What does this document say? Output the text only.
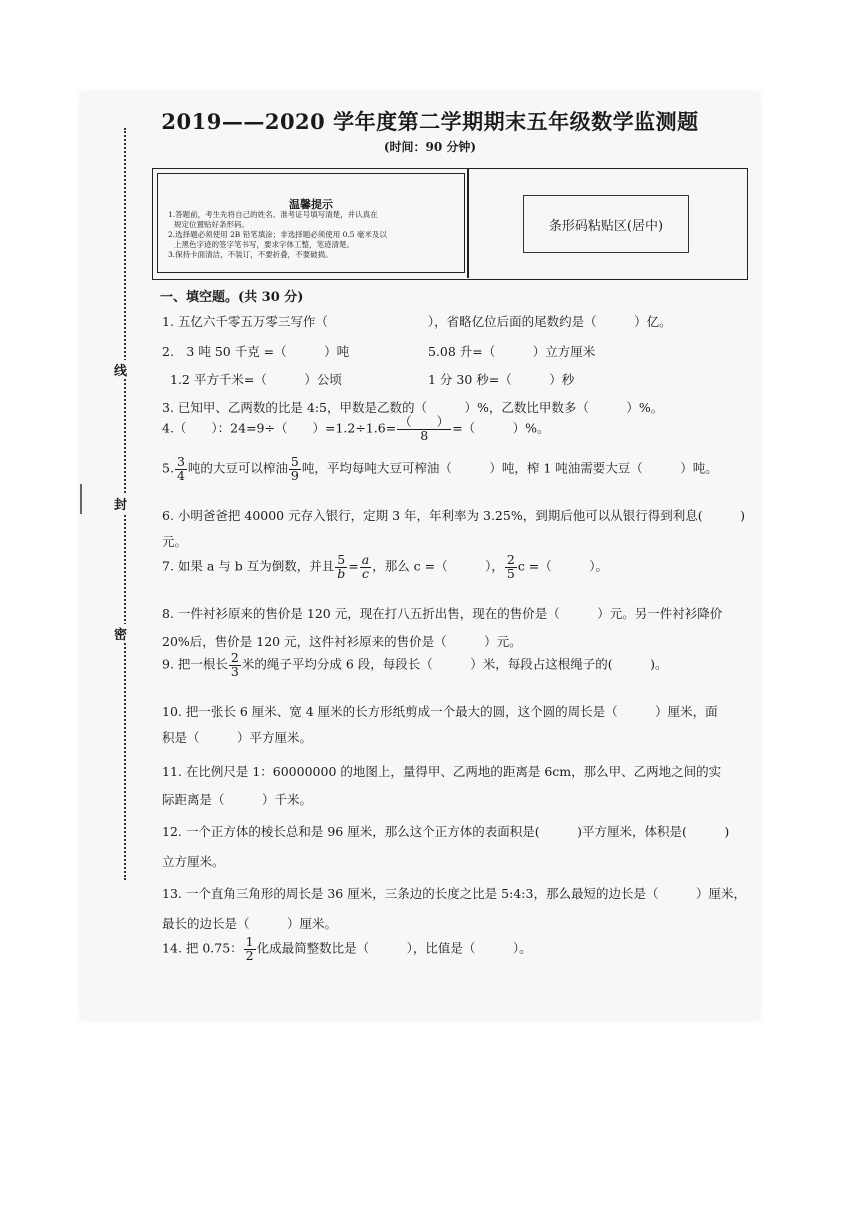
2019——2020 学年度第二学期期末五年级数学监测题
(时间：90 分钟)
温馨提示
1.答题前，考生先将自己的姓名、准考证号填写清楚，并认真在
规定位置贴好条形码。
2.选择题必须使用 2B 铅笔填涂；非选择题必须使用 0.5 毫米及以
上黑色字迹的签字笔书写，要求字体工整，笔迹清楚。
3.保持卡面清洁，不装订，不要折叠，不要破损。
条形码粘贴区(居中)
线
封
密
一、填空题。(共 30 分)
1. 五亿六千零五万零三写作（　　　　　　　　），省略亿位后面的尾数约是（　　　）亿。
2.　3 吨 50 千克 =（　　　）吨	5.08 升=（　　　）立方厘米
1.2 平方千米=（　　　）公顷	1 分 30 秒=（　　　）秒
3. 已知甲、乙两数的比是 4:5，甲数是乙数的（　　　）%，乙数比甲数多（　　　）%。
4.（　　）：24=9÷（　　）$=1.2\div 1.6= \frac{( )}{8}$ =（　　　）%。
5. $\frac{3}{4}$ 吨的大豆可以榨油 $\frac{5}{9}$ 吨，平均每吨大豆可榨油（　　　）吨，榨 1 吨油需要大豆（　　　）吨。
6. 小明爸爸把 40000 元存入银行，定期 3 年，年利率为 3.25%，到期后他可以从银行得到利息(　　　)
元。
7. 如果 a 与 b 互为倒数，并且 $\frac{5}{b} = \frac{a}{c}$ ，那么 c =（　　　）， $\frac{2}{5}$ c =（　　　）。
8. 一件衬衫原来的售价是 120 元，现在打八五折出售，现在的售价是（　　　）元。另一件衬衫降价
20%后，售价是 120 元，这件衬衫原来的售价是（　　　）元。
9. 把一根长 $\frac{2}{3}$ 米的绳子平均分成 6 段，每段长（　　　）米，每段占这根绳子的(　　　)。
10. 把一张长 6 厘米、宽 4 厘米的长方形纸剪成一个最大的圆，这个圆的周长是（　　　）厘米，面
积是（　　　）平方厘米。
11. 在比例尺是 1：60000000 的地图上，量得甲、乙两地的距离是 6cm，那么甲、乙两地之间的实
际距离是（　　　）千米。
12. 一个正方体的棱长总和是 96 厘米，那么这个正方体的表面积是(　　　)平方厘米，体积是(　　　)
立方厘米。
13. 一个直角三角形的周长是 36 厘米，三条边的长度之比是 5:4:3，那么最短的边长是（　　　）厘米，
最长的边长是（　　　）厘米。
14. 把 0.75： $\frac{1}{2}$ 化成最简整数比是（　　　），比值是（　　　）。
